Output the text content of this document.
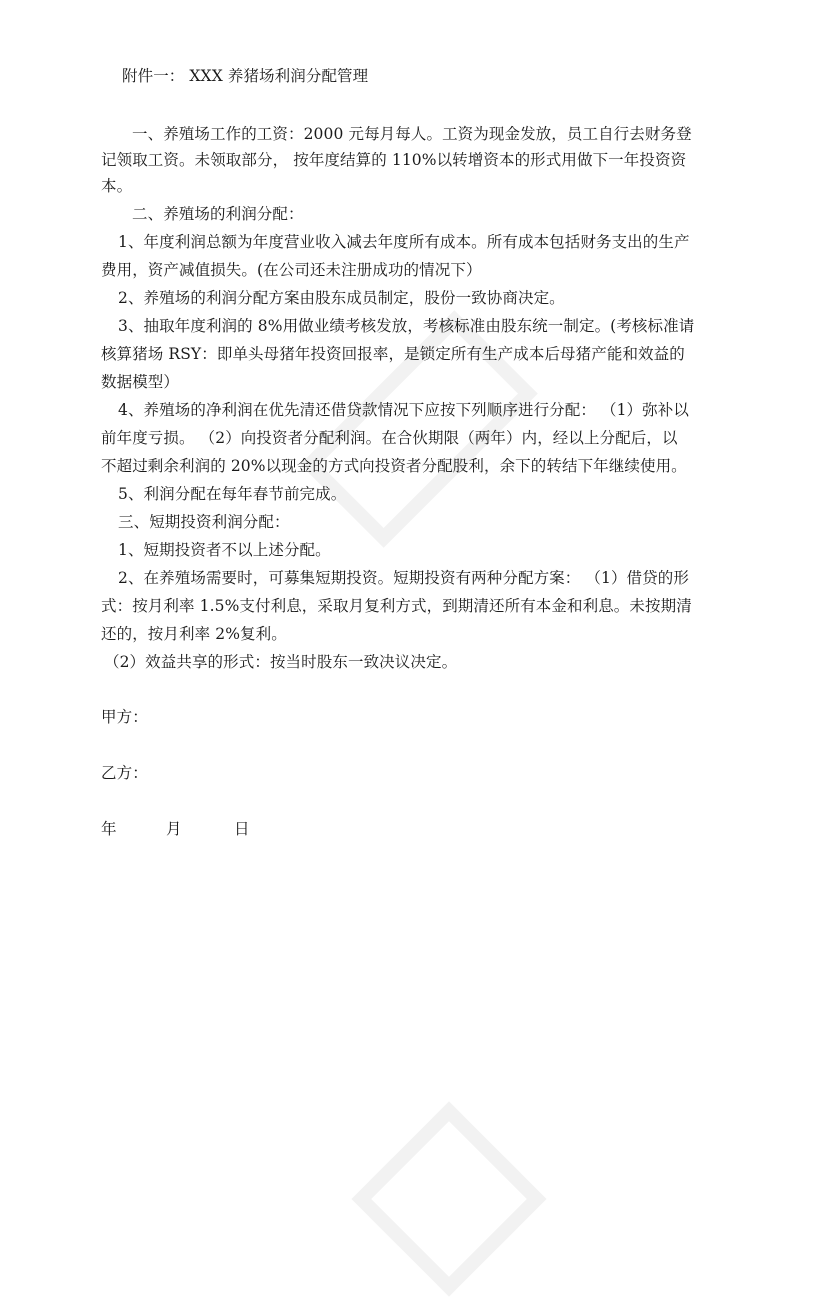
附件一： XXX 养猪场利润分配管理
一、养殖场工作的工资：2000 元每月每人。工资为现金发放，员工自行去财务登
记领取工资。未领取部分， 按年度结算的 110%以转增资本的形式用做下一年投资资
本。
二、养殖场的利润分配：
1、年度利润总额为年度营业收入减去年度所有成本。所有成本包括财务支出的生产
费用，资产减值损失。(在公司还未注册成功的情况下）
2、养殖场的利润分配方案由股东成员制定，股份一致协商决定。
3、抽取年度利润的 8%用做业绩考核发放，考核标准由股东统一制定。(考核标准请
核算猪场 RSY：即单头母猪年投资回报率，是锁定所有生产成本后母猪产能和效益的
数据模型）
4、养殖场的净利润在优先清还借贷款情况下应按下列顺序进行分配： （1）弥补以
前年度亏损。 （2）向投资者分配利润。在合伙期限（两年）内，经以上分配后，以
不超过剩余利润的 20%以现金的方式向投资者分配股利，余下的转结下年继续使用。
5、利润分配在每年春节前完成。
三、短期投资利润分配：
1、短期投资者不以上述分配。
2、在养殖场需要时，可募集短期投资。短期投资有两种分配方案： （1）借贷的形
式：按月利率 1.5%支付利息，采取月复利方式，到期清还所有本金和利息。未按期清
还的，按月利率 2%复利。
（2）效益共享的形式：按当时股东一致决议决定。
甲方：
乙方：
年	月	日
